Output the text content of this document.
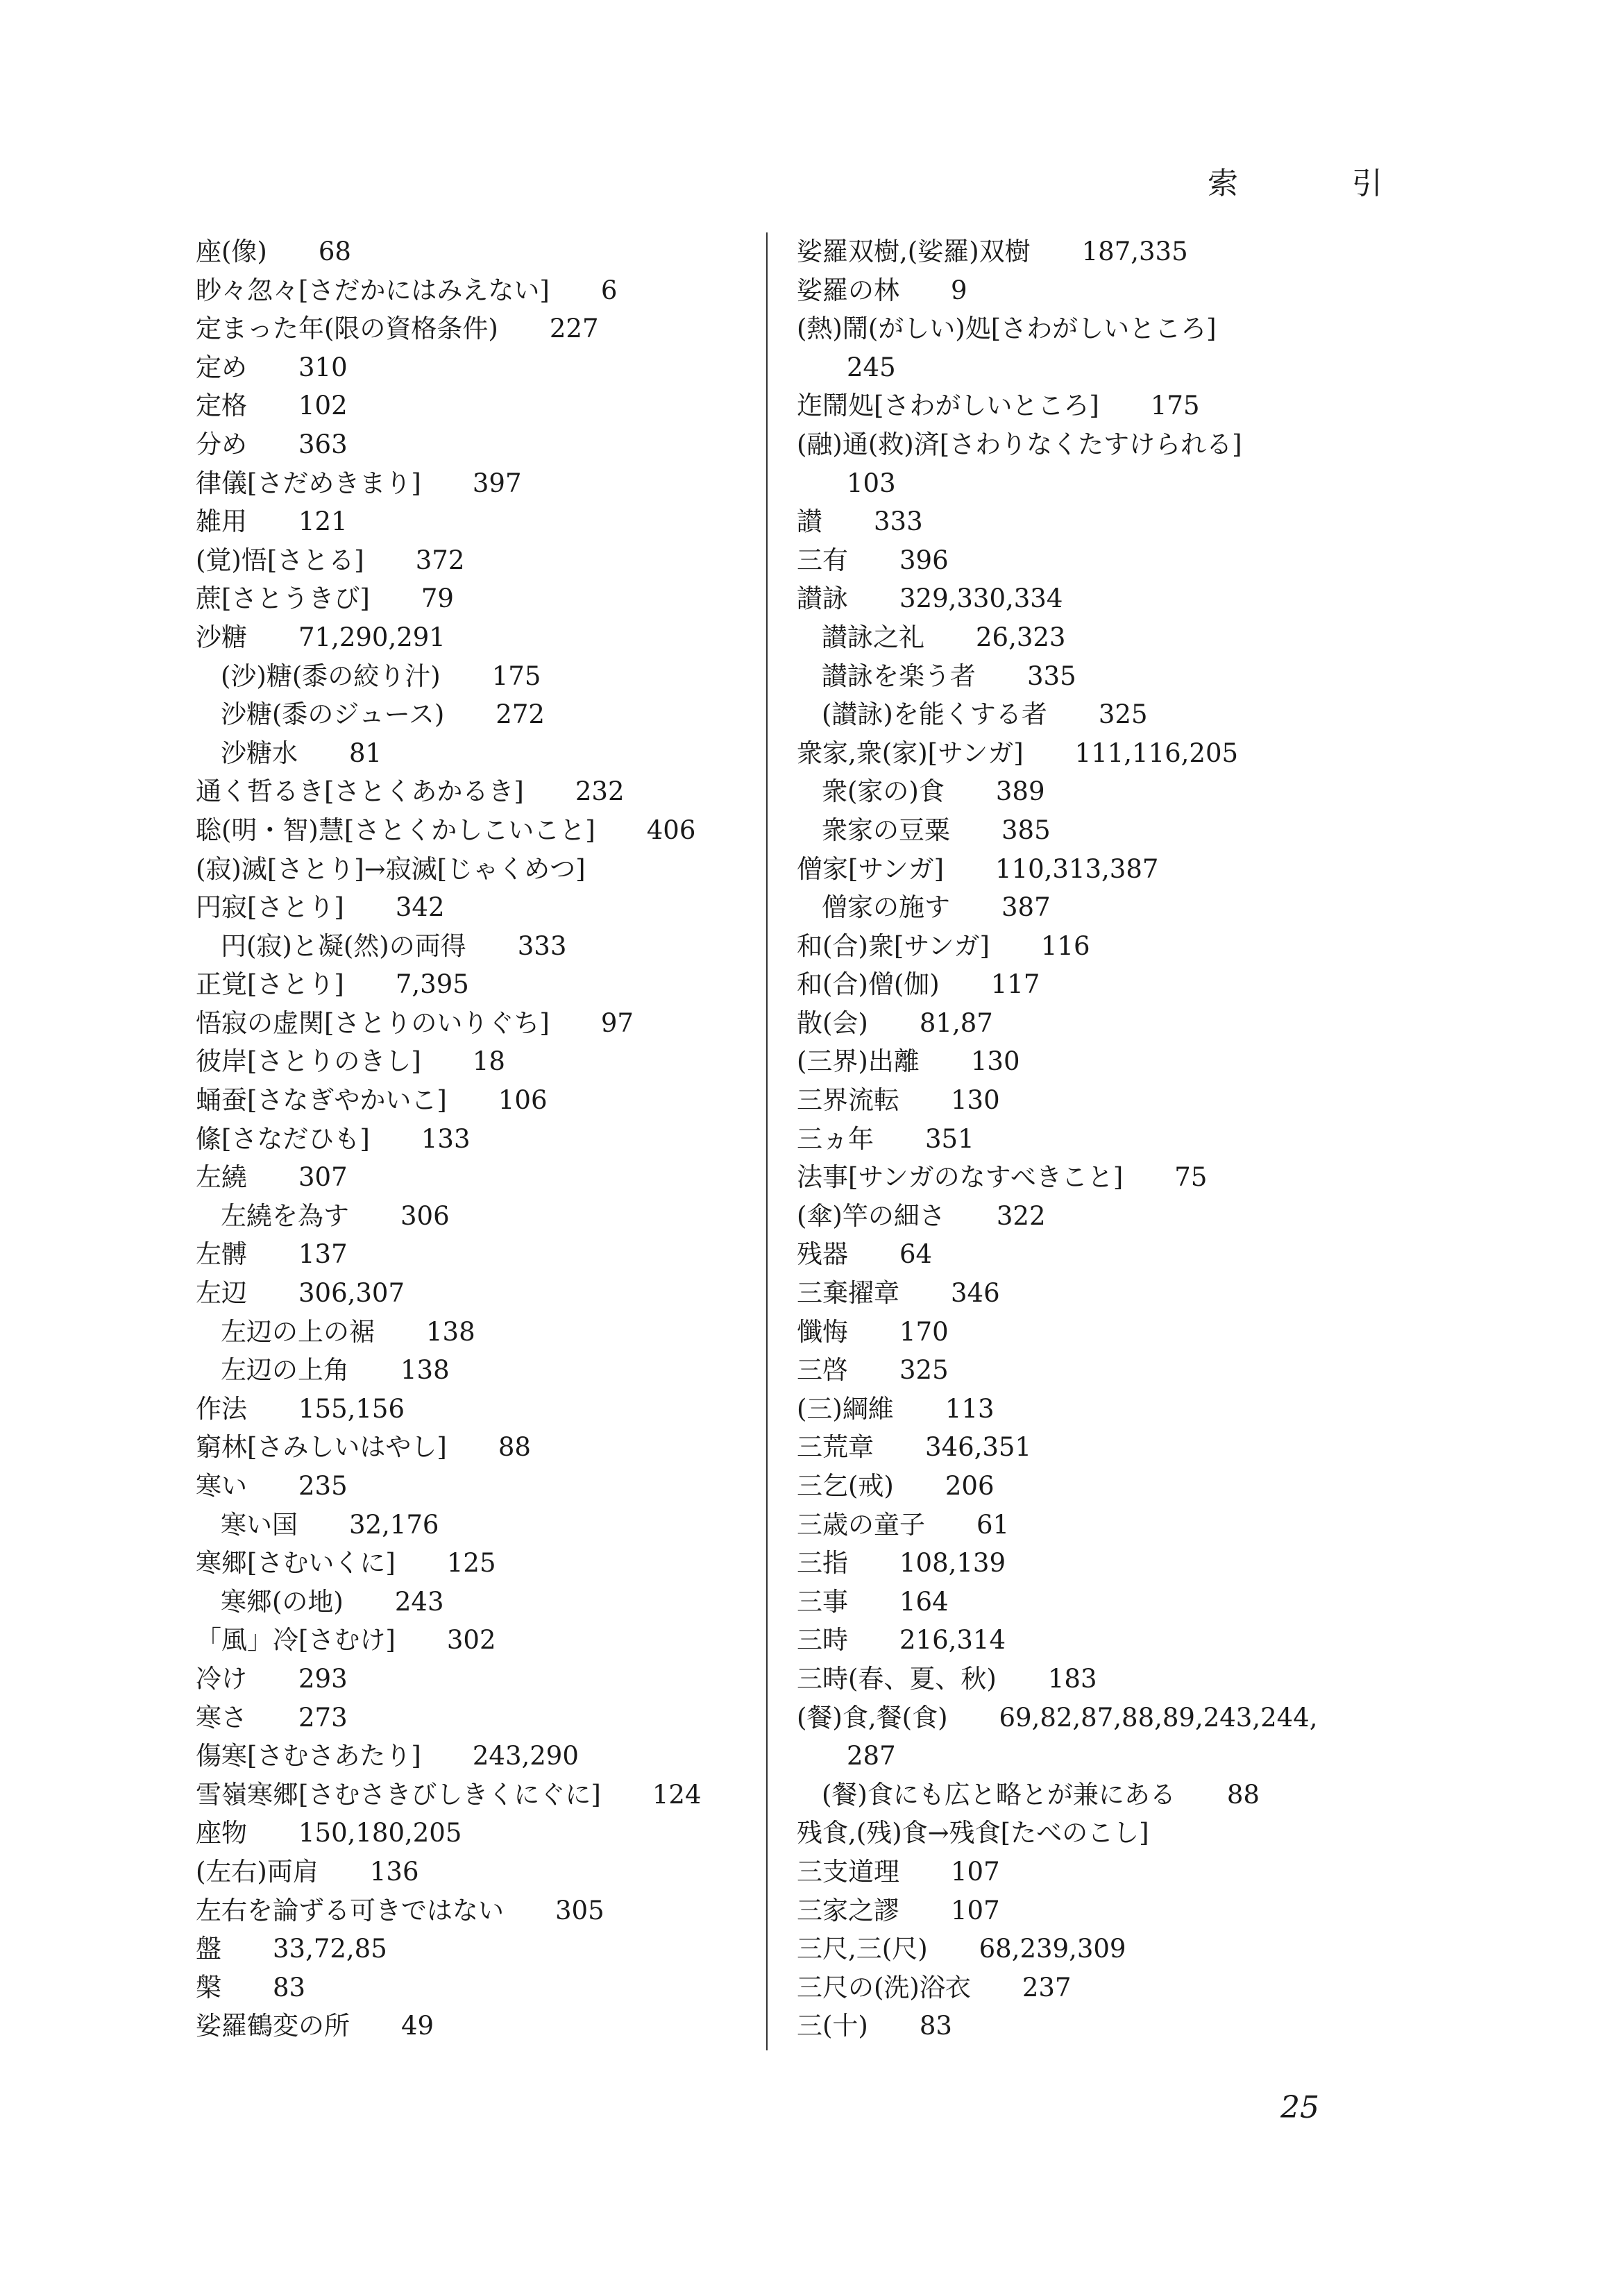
索　引
座(像)　　68
眇々忽々[さだかにはみえない]　　6
定まった年(限の資格条件)　　227
定め　　310
定格　　102
分め　　363
律儀[さだめきまり]　　397
雑用　　121
(覚)悟[さとる]　　372
蔗[さとうきび]　　79
沙糖　　71,290,291
(沙)糖(黍の絞り汁)　　175
沙糖(黍のジュース)　　272
沙糖水　　81
通く哲るき[さとくあかるき]　　232
聡(明・智)慧[さとくかしこいこと]　　406
(寂)滅[さとり]→寂滅[じゃくめつ]
円寂[さとり]　　342
円(寂)と凝(然)の両得　　333
正覚[さとり]　　7,395
悟寂の虚関[さとりのいりぐち]　　97
彼岸[さとりのきし]　　18
蛹蚕[さなぎやかいこ]　　106
絛[さなだひも]　　133
左繞　　307
左繞を為す　　306
左髆　　137
左辺　　306,307
左辺の上の裾　　138
左辺の上角　　138
作法　　155,156
窮林[さみしいはやし]　　88
寒い　　235
寒い国　　32,176
寒郷[さむいくに]　　125
寒郷(の地)　　243
「風」冷[さむけ]　　302
冷け　　293
寒さ　　273
傷寒[さむさあたり]　　243,290
雪嶺寒郷[さむさきびしきくにぐに]　　124
座物　　150,180,205
(左右)両肩　　136
左右を論ずる可きではない　　305
盤　　33,72,85
槃　　83
娑羅鶴変の所　　49
娑羅双樹,(娑羅)双樹　　187,335
娑羅の林　　9
(熱)鬧(がしい)処[さわがしいところ]
245
迮鬧処[さわがしいところ]　　175
(融)通(救)済[さわりなくたすけられる]
103
讃　　333
三有　　396
讃詠　　329,330,334
讃詠之礼　　26,323
讃詠を楽う者　　335
(讃詠)を能くする者　　325
衆家,衆(家)[サンガ]　　111,116,205
衆(家の)食　　389
衆家の豆粟　　385
僧家[サンガ]　　110,313,387
僧家の施す　　387
和(合)衆[サンガ]　　116
和(合)僧(伽)　　117
散(会)　　81,87
(三界)出離　　130
三界流転　　130
三ヵ年　　351
法事[サンガのなすべきこと]　　75
(傘)竿の細さ　　322
残器　　64
三棄擢章　　346
懺悔　　170
三啓　　325
(三)綱維　　113
三荒章　　346,351
三乞(戒)　　206
三歳の童子　　61
三指　　108,139
三事　　164
三時　　216,314
三時(春、夏、秋)　　183
(餐)食,餐(食)　　69,82,87,88,89,243,244,
287
(餐)食にも広と略とが兼にある　　88
残食,(残)食→残食[たべのこし]
三支道理　　107
三家之謬　　107
三尺,三(尺)　　68,239,309
三尺の(洗)浴衣　　237
三(十)　　83
25
